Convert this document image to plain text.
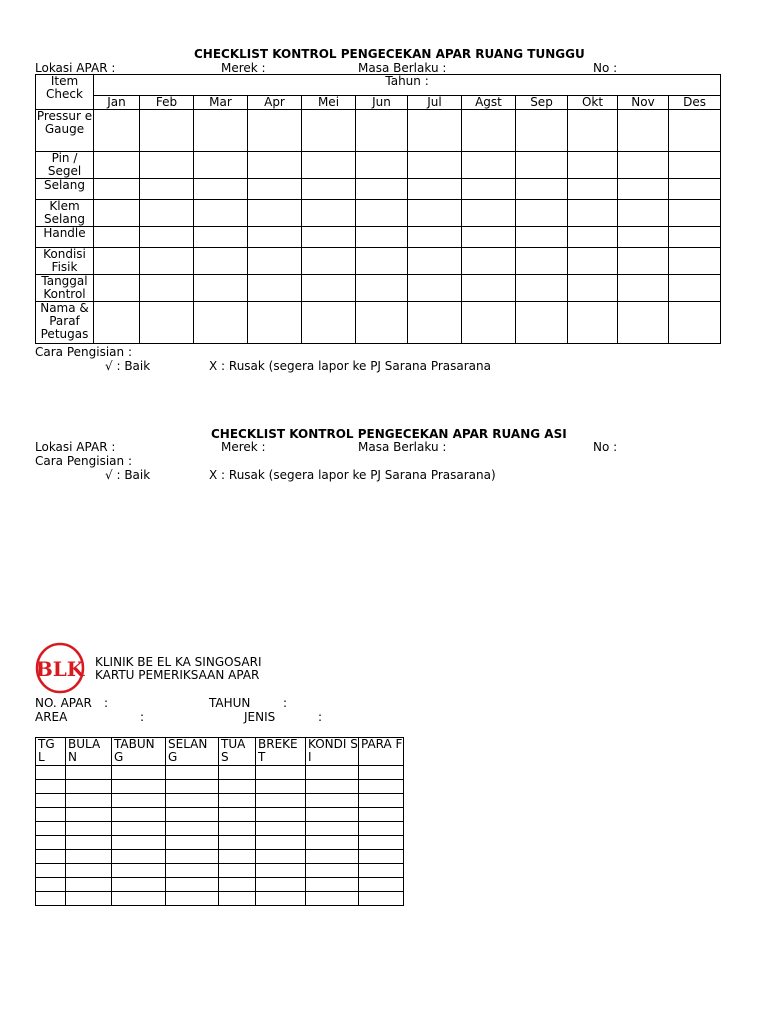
CHECKLIST KONTROL PENGECEKAN APAR RUANG TUNGGU
Lokasi APAR :	Merek :	Masa Berlaku :	No :
Item Check	Tahun :											
	Jan	Feb	Mar	Apr	Mei	Jun	Jul	Agst	Sep	Okt	Nov	Des
Pressur e Gauge												
Pin / Segel												
Selang												
Klem Selang												
Handle												
Kondisi Fisik												
Tanggal Kontrol												
Nama & Paraf Petugas												
Cara Pengisian :
√ : Baik	X : Rusak (segera lapor ke PJ Sarana Prasarana
CHECKLIST KONTROL PENGECEKAN APAR RUANG ASI
Lokasi APAR :	Merek :	Masa Berlaku :	No :
Cara Pengisian :
√ : Baik	X : Rusak (segera lapor ke PJ Sarana Prasarana)
BLK KLINIK BE EL KA SINGOSARI
KARTU PEMERIKSAAN APAR
NO. APAR :	TAHUN	:
AREA	:	JENIS	:
TG L	BULA N	TABUN G	SELAN G	TUA S	BREKE T	KONDI SI	PARA F
